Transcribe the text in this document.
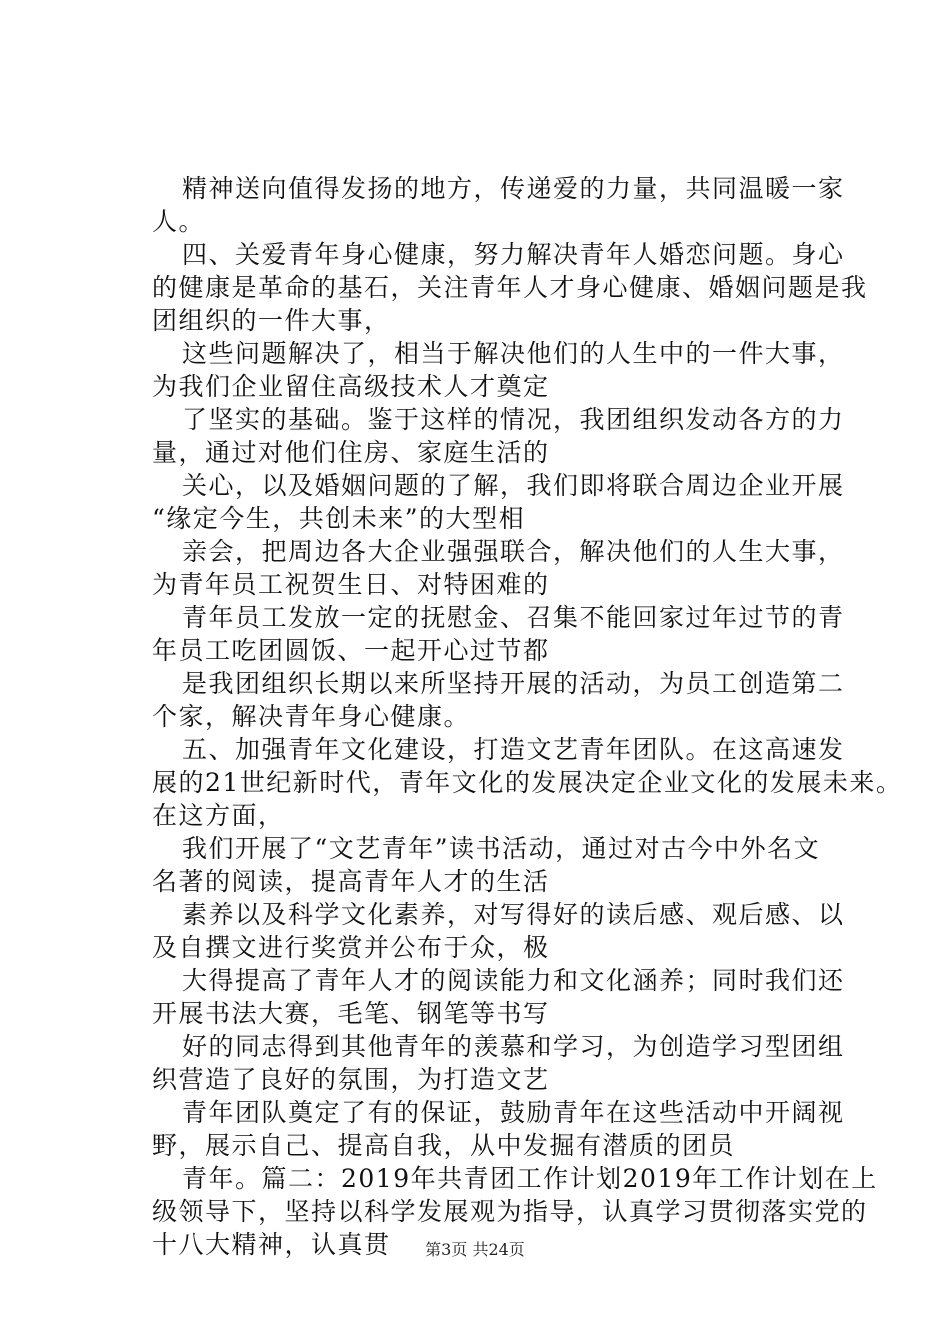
精神送向值得发扬的地方，传递爱的力量，共同温暖一家
人。
四、关爱青年身心健康，努力解决青年人婚恋问题。身心
的健康是革命的基石，关注青年人才身心健康、婚姻问题是我
团组织的一件大事，
这些问题解决了，相当于解决他们的人生中的一件大事，
为我们企业留住高级技术人才奠定
了坚实的基础。鉴于这样的情况，我团组织发动各方的力
量，通过对他们住房、家庭生活的
关心，以及婚姻问题的了解，我们即将联合周边企业开展
“缘定今生，共创未来”的大型相
亲会，把周边各大企业强强联合，解决他们的人生大事，
为青年员工祝贺生日、对特困难的
青年员工发放一定的抚慰金、召集不能回家过年过节的青
年员工吃团圆饭、一起开心过节都
是我团组织长期以来所坚持开展的活动，为员工创造第二
个家，解决青年身心健康。
五、加强青年文化建设，打造文艺青年团队。在这高速发
展的21世纪新时代，青年文化的发展决定企业文化的发展未来。
在这方面，
我们开展了“文艺青年”读书活动，通过对古今中外名文
名著的阅读，提高青年人才的生活
素养以及科学文化素养，对写得好的读后感、观后感、以
及自撰文进行奖赏并公布于众，极
大得提高了青年人才的阅读能力和文化涵养；同时我们还
开展书法大赛，毛笔、钢笔等书写
好的同志得到其他青年的羡慕和学习，为创造学习型团组
织营造了良好的氛围，为打造文艺
青年团队奠定了有的保证，鼓励青年在这些活动中开阔视
野，展示自己、提高自我，从中发掘有潜质的团员
青年。篇二：2019年共青团工作计划2019年工作计划在上
级领导下，坚持以科学发展观为指导，认真学习贯彻落实党的
十八大精神，认真贯	第3页 共24页
